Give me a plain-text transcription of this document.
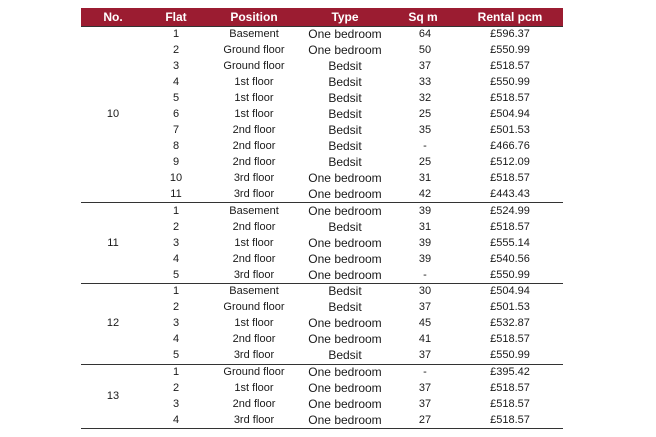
No.	Flat	Position	Type	Sq m	Rental pcm
10	1	Basement	One bedroom	64	£596.37
	2	Ground floor	One bedroom	50	£550.99
	3	Ground floor	Bedsit	37	£518.57
	4	1st floor	Bedsit	33	£550.99
	5	1st floor	Bedsit	32	£518.57
	6	1st floor	Bedsit	25	£504.94
	7	2nd floor	Bedsit	35	£501.53
	8	2nd floor	Bedsit	-	£466.76
	9	2nd floor	Bedsit	25	£512.09
	10	3rd floor	One bedroom	31	£518.57
	11	3rd floor	One bedroom	42	£443.43
11	1	Basement	One bedroom	39	£524.99
	2	2nd floor	Bedsit	31	£518.57
	3	1st floor	One bedroom	39	£555.14
	4	2nd floor	One bedroom	39	£540.56
	5	3rd floor	One bedroom	-	£550.99
12	1	Basement	Bedsit	30	£504.94
	2	Ground floor	Bedsit	37	£501.53
	3	1st floor	One bedroom	45	£532.87
	4	2nd floor	One bedroom	41	£518.57
	5	3rd floor	Bedsit	37	£550.99
13	1	Ground floor	One bedroom	-	£395.42
	2	1st floor	One bedroom	37	£518.57
	3	2nd floor	One bedroom	37	£518.57
	4	3rd floor	One bedroom	27	£518.57
